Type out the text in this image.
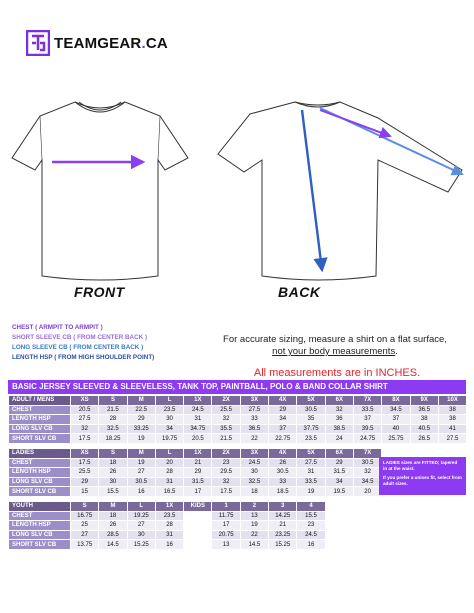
TEAMGEAR.CA
FRONT	BACK
CHEST ( ARMPIT TO ARMPIT )
SHORT SLEEVE CB ( FROM CENTER BACK )
LONG SLEEVE CB ( FROM CENTER BACK )
LENGTH HSP ( FROM HIGH SHOULDER POINT)
For accurate sizing, measure a shirt on a flat surface,
not your body measurements.
All measurements are in INCHES.
BASIC JERSEY SLEEVED & SLEEVELESS, TANK TOP, PAINTBALL, POLO & BAND COLLAR SHIRT
ADULT / MENS	XS	S	M	L	1X	2X	3X	4X	5X	6X	7X	8X	9X	10X
CHEST	20.5	21.5	22.5	23.5	24.5	25.5	27.5	29	30.5	32	33.5	34.5	36.5	38
LENGTH HSP	27.5	28	29	30	31	32	33	34	35	36	37	37	38	38
LONG SLV CB	32	32.5	33.25	34	34.75	35.5	36.5	37	37.75	38.5	39.5	40	40.5	41
SHORT SLV CB	17.5	18.25	19	19.75	20.5	21.5	22	22.75	23.5	24	24.75	25.75	26.5	27.5
LADIES	XS	S	M	L	1X	2X	3X	4X	5X	6X	7X	
CHEST	17.5	18	19	20	21	23	24.5	26	27.5	29	30.5	
LENGTH HSP	25.5	26	27	28	29	29.5	30	30.5	31	31.5	32	
LONG SLV CB	29	30	30.5	31	31.5	32	32.5	33	33.5	34	34.5	
SHORT SLV CB	15	15.5	16	16.5	17	17.5	18	18.5	19	19.5	20	
LADIES sizes are FITTED; tapered in at the waist.
If you prefer a unisex fit, select from adult sizes.
YOUTH	S	M	L	1X	KIDS	1	2	3	4	
CHEST	16.75	18	19.25	23.5		11.75	13	14.25	15.5	
LENGTH HSP	25	26	27	28		17	19	21	23	
LONG SLV CB	27	28.5	30	31		20.75	22	23.25	24.5	
SHORT SLV CB	13.75	14.5	15.25	16		13	14.5	15.25	16	
